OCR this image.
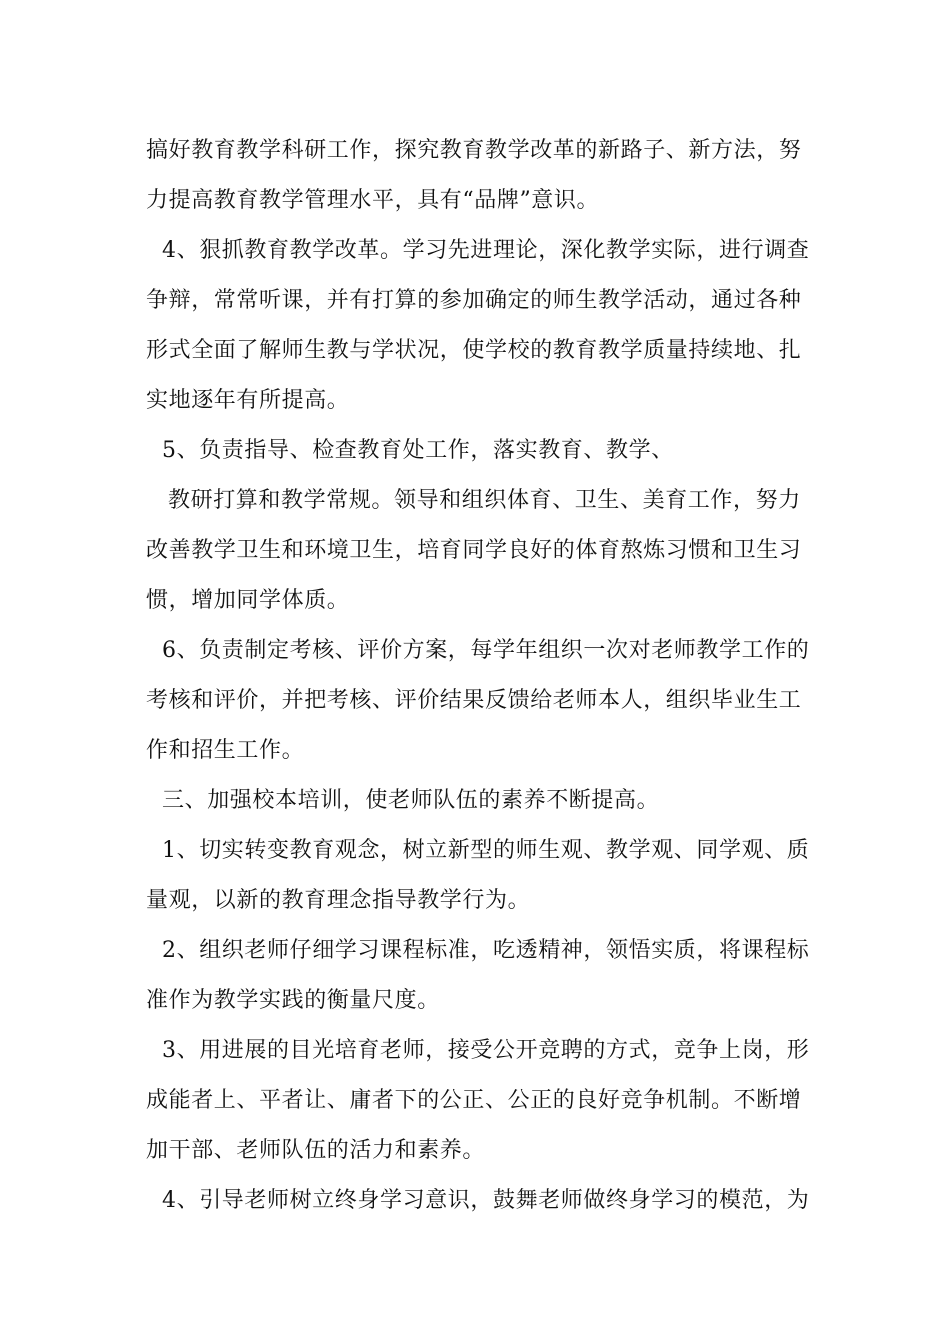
搞好教育教学科研工作，探究教育教学改革的新路子、新方法，努
力提高教育教学管理水平，具有“品牌”意识。
4、狠抓教育教学改革。学习先进理论，深化教学实际，进行调查
争辩，常常听课，并有打算的参加确定的师生教学活动，通过各种
形式全面了解师生教与学状况，使学校的教育教学质量持续地、扎
实地逐年有所提高。
5、负责指导、检查教育处工作，落实教育、教学、
教研打算和教学常规。领导和组织体育、卫生、美育工作，努力
改善教学卫生和环境卫生，培育同学良好的体育熬炼习惯和卫生习
惯，增加同学体质。
6、负责制定考核、评价方案，每学年组织一次对老师教学工作的
考核和评价，并把考核、评价结果反馈给老师本人，组织毕业生工
作和招生工作。
三、加强校本培训，使老师队伍的素养不断提高。
1、切实转变教育观念，树立新型的师生观、教学观、同学观、质
量观，以新的教育理念指导教学行为。
2、组织老师仔细学习课程标准，吃透精神，领悟实质，将课程标
准作为教学实践的衡量尺度。
3、用进展的目光培育老师，接受公开竞聘的方式，竞争上岗，形
成能者上、平者让、庸者下的公正、公正的良好竞争机制。不断增
加干部、老师队伍的活力和素养。
4、引导老师树立终身学习意识，鼓舞老师做终身学习的模范，为
